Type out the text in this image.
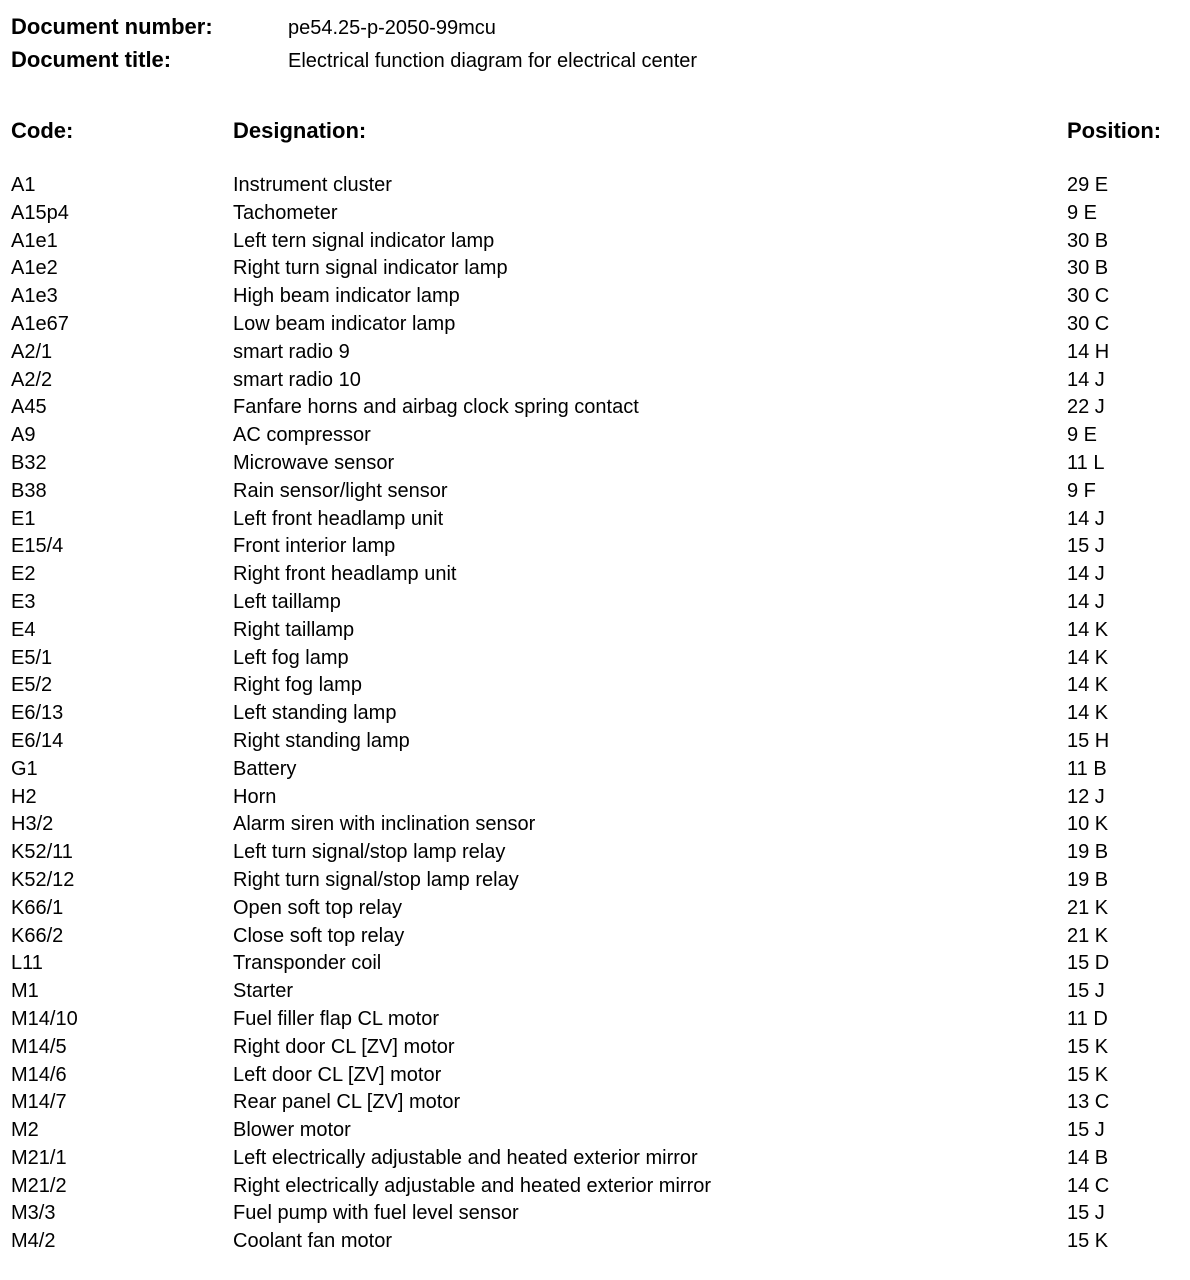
Document number:	pe54.25-p-2050-99mcu
Document title:	Electrical function diagram for electrical center
Code:	Designation:	Position:
A1	Instrument cluster	29 E
A15p4	Tachometer	9 E
A1e1	Left tern signal indicator lamp	30 B
A1e2	Right turn signal indicator lamp	30 B
A1e3	High beam indicator lamp	30 C
A1e67	Low beam indicator lamp	30 C
A2/1	smart radio 9	14 H
A2/2	smart radio 10	14 J
A45	Fanfare horns and airbag clock spring contact	22 J
A9	AC compressor	9 E
B32	Microwave sensor	11 L
B38	Rain sensor/light sensor	9 F
E1	Left front headlamp unit	14 J
E15/4	Front interior lamp	15 J
E2	Right front headlamp unit	14 J
E3	Left taillamp	14 J
E4	Right taillamp	14 K
E5/1	Left fog lamp	14 K
E5/2	Right fog lamp	14 K
E6/13	Left standing lamp	14 K
E6/14	Right standing lamp	15 H
G1	Battery	11 B
H2	Horn	12 J
H3/2	Alarm siren with inclination sensor	10 K
K52/11	Left turn signal/stop lamp relay	19 B
K52/12	Right turn signal/stop lamp relay	19 B
K66/1	Open soft top relay	21 K
K66/2	Close soft top relay	21 K
L11	Transponder coil	15 D
M1	Starter	15 J
M14/10	Fuel filler flap CL motor	11 D
M14/5	Right door CL [ZV] motor	15 K
M14/6	Left door CL [ZV] motor	15 K
M14/7	Rear panel CL [ZV] motor	13 C
M2	Blower motor	15 J
M21/1	Left electrically adjustable and heated exterior mirror	14 B
M21/2	Right electrically adjustable and heated exterior mirror	14 C
M3/3	Fuel pump with fuel level sensor	15 J
M4/2	Coolant fan motor	15 K
